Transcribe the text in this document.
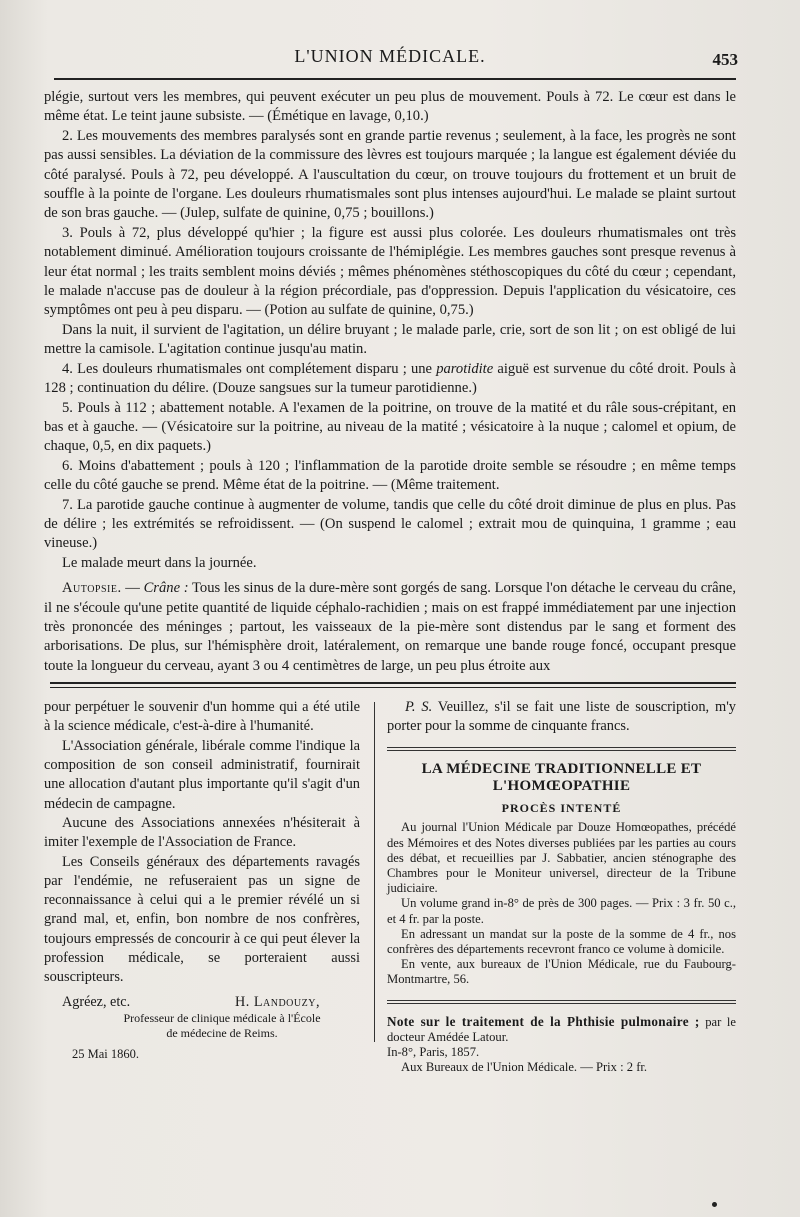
L'UNION MÉDICALE.	453

plégie, surtout vers les membres, qui peuvent exécuter un peu plus de mouvement. Pouls à 72. Le cœur est dans le même état. Le teint jaune subsiste. — (Émétique en lavage, 0,10.)

2. Les mouvements des membres paralysés sont en grande partie revenus ; seulement, à la face, les progrès ne sont pas aussi sensibles. La déviation de la commissure des lèvres est toujours marquée ; la langue est également déviée du côté paralysé. Pouls à 72, peu développé. A l'auscultation du cœur, on trouve toujours du frottement et un bruit de souffle à la pointe de l'organe. Les douleurs rhumatismales sont plus intenses aujourd'hui. Le malade se plaint surtout de son bras gauche. — (Julep, sulfate de quinine, 0,75 ; bouillons.)

3. Pouls à 72, plus développé qu'hier ; la figure est aussi plus colorée. Les douleurs rhumatismales ont très notablement diminué. Amélioration toujours croissante de l'hémiplégie. Les membres gauches sont presque revenus à leur état normal ; les traits semblent moins déviés ; mêmes phénomènes stéthoscopiques du côté du cœur ; cependant, le malade n'accuse pas de douleur à la région précordiale, pas d'oppression. Depuis l'application du vésicatoire, ces symptômes ont peu à peu disparu. — (Potion au sulfate de quinine, 0,75.)

Dans la nuit, il survient de l'agitation, un délire bruyant ; le malade parle, crie, sort de son lit ; on est obligé de lui mettre la camisole. L'agitation continue jusqu'au matin.

4. Les douleurs rhumatismales ont complétement disparu ; une parotidite aiguë est survenue du côté droit. Pouls à 128 ; continuation du délire. (Douze sangsues sur la tumeur parotidienne.)

5. Pouls à 112 ; abattement notable. A l'examen de la poitrine, on trouve de la matité et du râle sous-crépitant, en bas et à gauche. — (Vésicatoire sur la poitrine, au niveau de la matité ; vésicatoire à la nuque ; calomel et opium, de chaque, 0,5, en dix paquets.)

6. Moins d'abattement ; pouls à 120 ; l'inflammation de la parotide droite semble se résoudre ; en même temps celle du côté gauche se prend. Même état de la poitrine. — (Même traitement.

7. La parotide gauche continue à augmenter de volume, tandis que celle du côté droit diminue de plus en plus. Pas de délire ; les extrémités se refroidissent. — (On suspend le calomel ; extrait mou de quinquina, 1 gramme ; eau vineuse.)

Le malade meurt dans la journée.

Autopsie. — Crâne : Tous les sinus de la dure-mère sont gorgés de sang. Lorsque l'on détache le cerveau du crâne, il ne s'écoule qu'une petite quantité de liquide céphalo-rachidien ; mais on est frappé immédiatement par une injection très prononcée des méninges ; partout, les vaisseaux de la pie-mère sont distendus par le sang et forment des arborisations. De plus, sur l'hémisphère droit, latéralement, on remarque une bande rouge foncé, occupant presque toute la longueur du cerveau, ayant 3 ou 4 centimètres de large, un peu plus étroite aux

pour perpétuer le souvenir d'un homme qui a été utile à la science médicale, c'est-à-dire à l'humanité.

L'Association générale, libérale comme l'indique la composition de son conseil administratif, fournirait une allocation d'autant plus importante qu'il s'agit d'un médecin de campagne.

Aucune des Associations annexées n'hésiterait à imiter l'exemple de l'Association de France.

Les Conseils généraux des départements ravagés par l'endémie, ne refuseraient pas un signe de reconnaissance à celui qui a le premier révélé un si grand mal, et, enfin, bon nombre de nos confrères, toujours empressés de concourir à ce qui peut élever la profession médicale, se porteraient aussi souscripteurs.

Agréez, etc.	H. Landouzy,
Professeur de clinique médicale à l'École
de médecine de Reims.
25 Mai 1860.

P. S. Veuillez, s'il se fait une liste de souscription, m'y porter pour la somme de cinquante francs.

LA MÉDECINE TRADITIONNELLE ET L'HOMŒOPATHIE
PROCÈS INTENTÉ

Au journal l'Union Médicale par Douze Homœopathes, précédé des Mémoires et des Notes diverses publiées par les parties au cours des débat, et recueillies par J. Sabbatier, ancien sténographe des Chambres pour le Moniteur universel, directeur de la Tribune judiciaire.

Un volume grand in-8° de près de 300 pages. — Prix : 3 fr. 50 c., et 4 fr. par la poste.

En adressant un mandat sur la poste de la somme de 4 fr., nos confrères des départements recevront franco ce volume à domicile.

En vente, aux bureaux de l'Union Médicale, rue du Faubourg-Montmartre, 56.

Note sur le traitement de la Phthisie pulmonaire ; par le docteur Amédée Latour.

In-8°, Paris, 1857.

Aux Bureaux de l'Union Médicale. — Prix : 2 fr.
